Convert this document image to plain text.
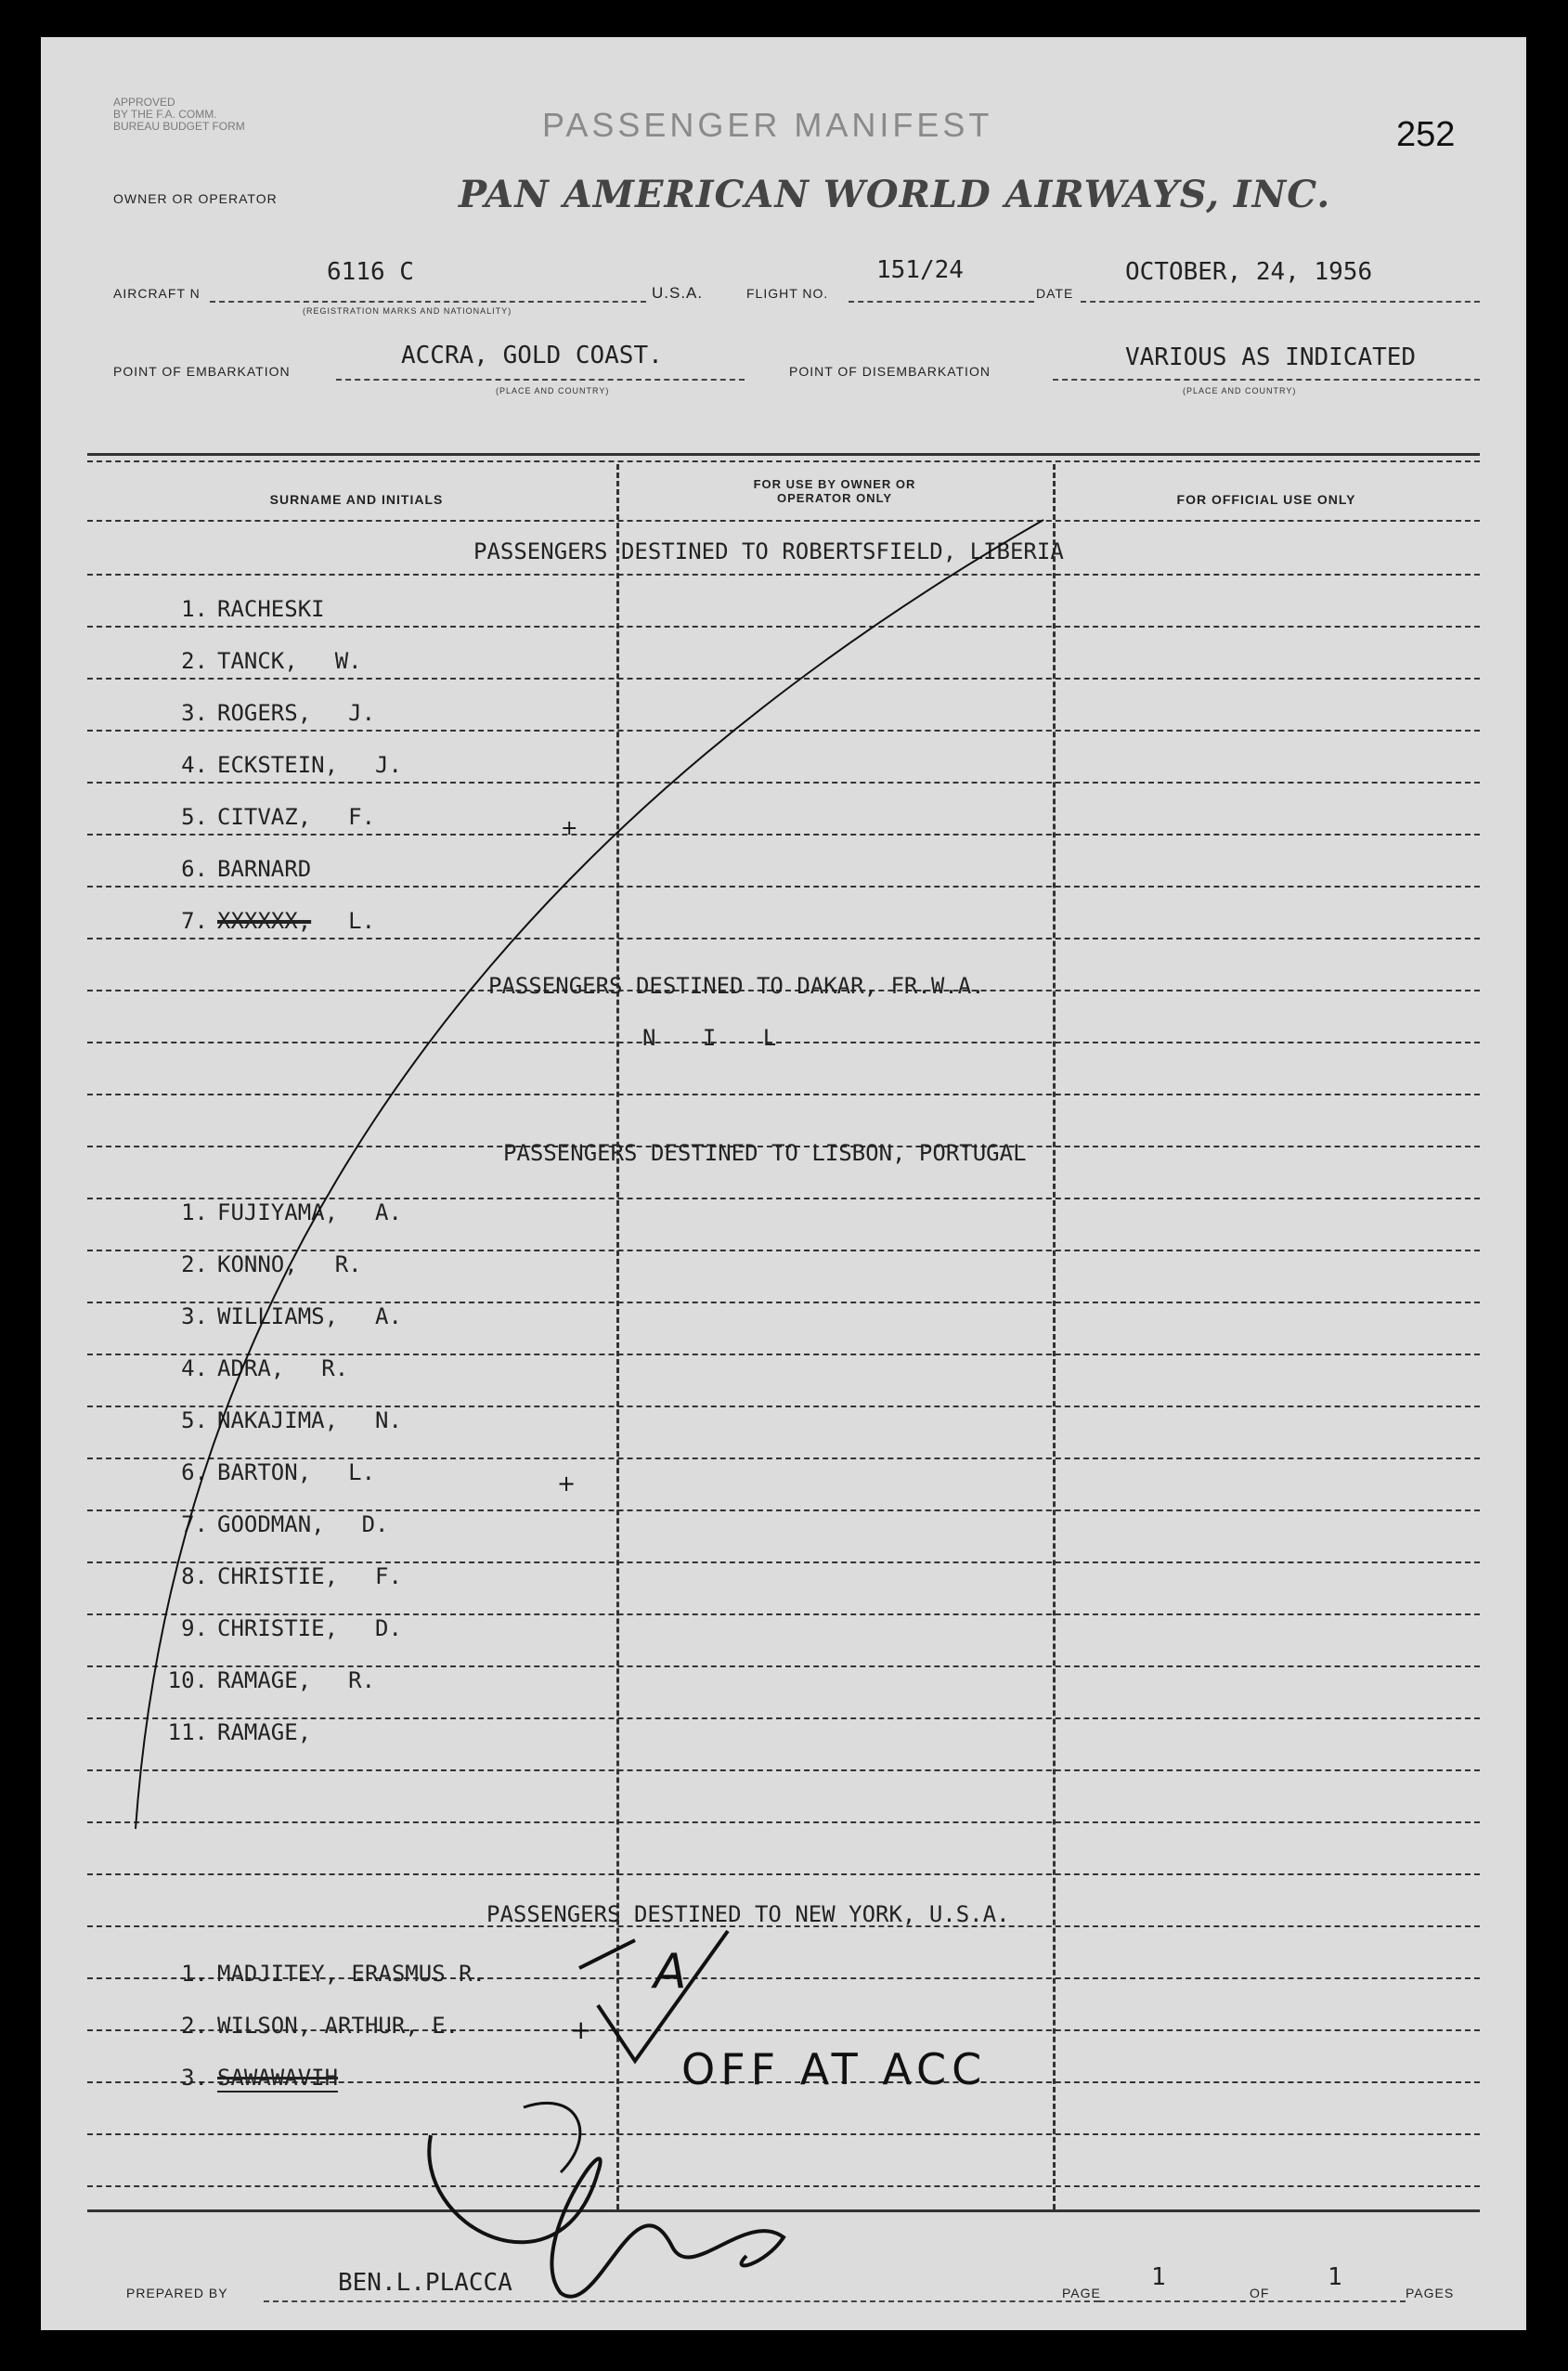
APPROVED
BY THE F.A. COMM.
BUREAU BUDGET FORM	PASSENGER MANIFEST	252
OWNER OR OPERATOR	PAN AMERICAN WORLD AIRWAYS, INC.
AIRCRAFT N
6116 C
(REGISTRATION MARKS AND NATIONALITY)
U.S.A.	FLIGHT NO.
151/24
DATE
OCTOBER, 24, 1956
POINT OF EMBARKATION
ACCRA, GOLD COAST.
(PLACE AND COUNTRY)
POINT OF DISEMBARKATION	VARIOUS AS INDICATED
(PLACE AND COUNTRY)
SURNAME AND INITIALS
FOR USE BY OWNER OR OPERATOR ONLY	FOR OFFICIAL USE ONLY
PASSENGERS DESTINED TO ROBERTSFIELD, LIBERIA
1. RACHESKI
2. TANCK, W.
3. ROGERS, J.
4. ECKSTEIN, J.
5. CITVAZ, F.
6. BARNARD
7. XXXXXX, L.
PASSENGERS DESTINED TO DAKAR, FR.W.A.
N I L
PASSENGERS DESTINED TO LISBON, PORTUGAL
1. FUJIYAMA, A.
2. KONNO, R.
3. WILLIAMS, A.
4. ADRA, R.
5. NAKAJIMA, N.
6. BARTON, L.
7. GOODMAN, D.
8. CHRISTIE, F.
9. CHRISTIE, D.
10. RAMAGE, R.
11. RAMAGE,
PASSENGERS DESTINED TO NEW YORK, U.S.A.
1. MADJITEY, ERASMUS R.
2. WILSON, ARTHUR, E.
3. SAWAWAVIH	OFF AT ACC
A
+
+
+
PREPARED BY	BEN.L.PLACCA	PAGE
1
OF
1
PAGES
